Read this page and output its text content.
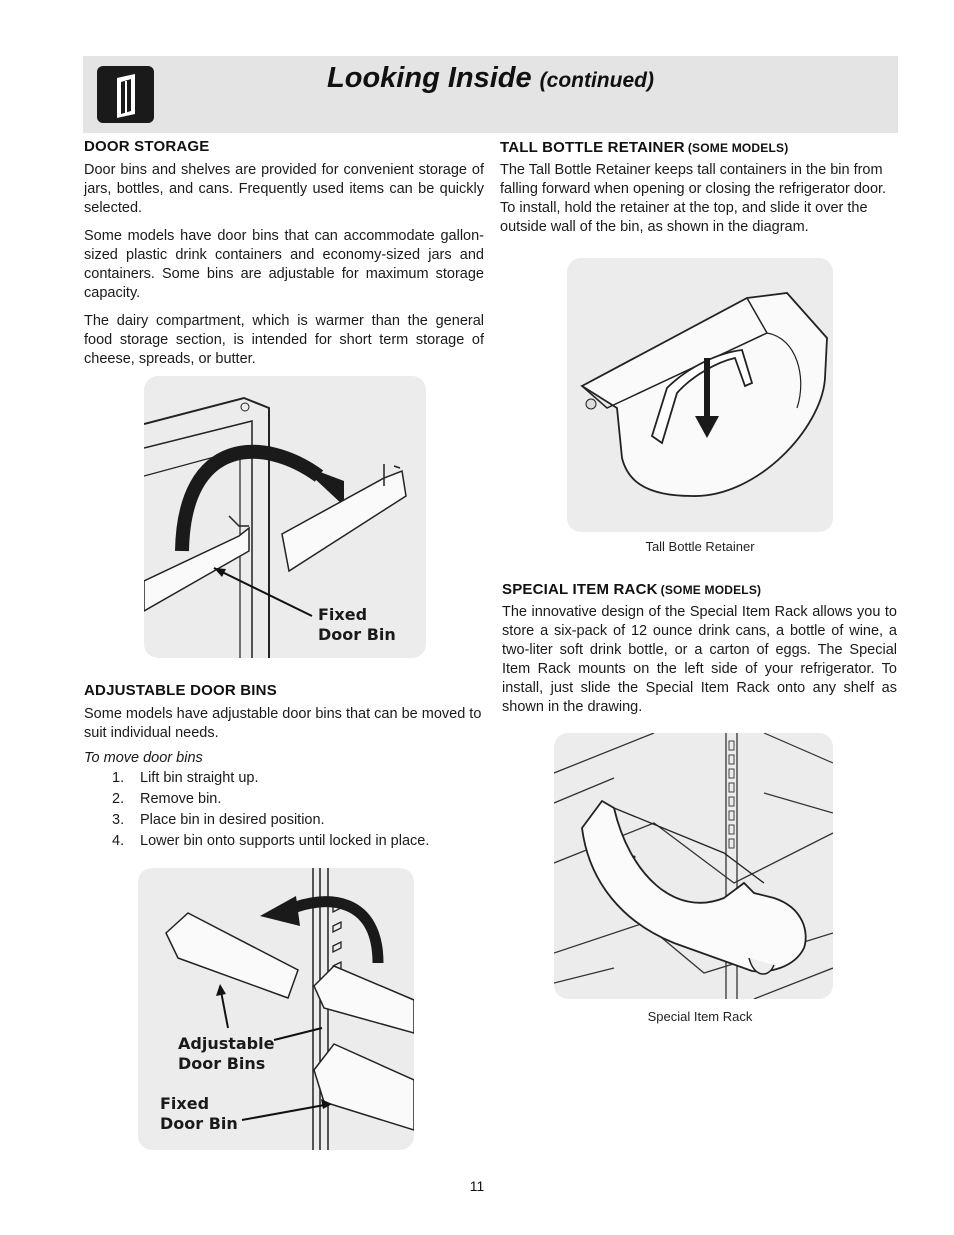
Looking Inside (continued)
DOOR STORAGE

Door bins and shelves are provided for convenient storage of jars, bottles, and cans. Frequently used items can be quickly selected.

Some models have door bins that can accommodate gallon-sized plastic drink containers and economy-sized jars and containers. Some bins are adjustable for maximum storage capacity.

The dairy compartment, which is warmer than the general food storage section, is intended for short term storage of cheese, spreads, or butter.

Fixed
Door Bin
ADJUSTABLE DOOR BINS

Some models have adjustable door bins that can be moved to suit individual needs.

To move door bins

1. Lift bin straight up.
2. Remove bin.
3. Place bin in desired position.
4. Lower bin onto supports until locked in place.
Adjustable
Door Bins
Fixed
Door Bin
TALL BOTTLE RETAINER (SOME MODELS)

The Tall Bottle Retainer keeps tall containers in the bin from falling forward when opening or closing the refrigerator door. To install, hold the retainer at the top, and slide it over the outside wall of the bin, as shown in the diagram.

Tall Bottle Retainer
SPECIAL ITEM RACK (SOME MODELS)

The innovative design of the Special Item Rack allows you to store a six-pack of 12 ounce drink cans, a bottle of wine, a two-liter soft drink bottle, or a carton of eggs. The Special Item Rack mounts on the left side of your refrigerator. To install, just slide the Special Item Rack onto any shelf as shown in the drawing.

Special Item Rack
11
